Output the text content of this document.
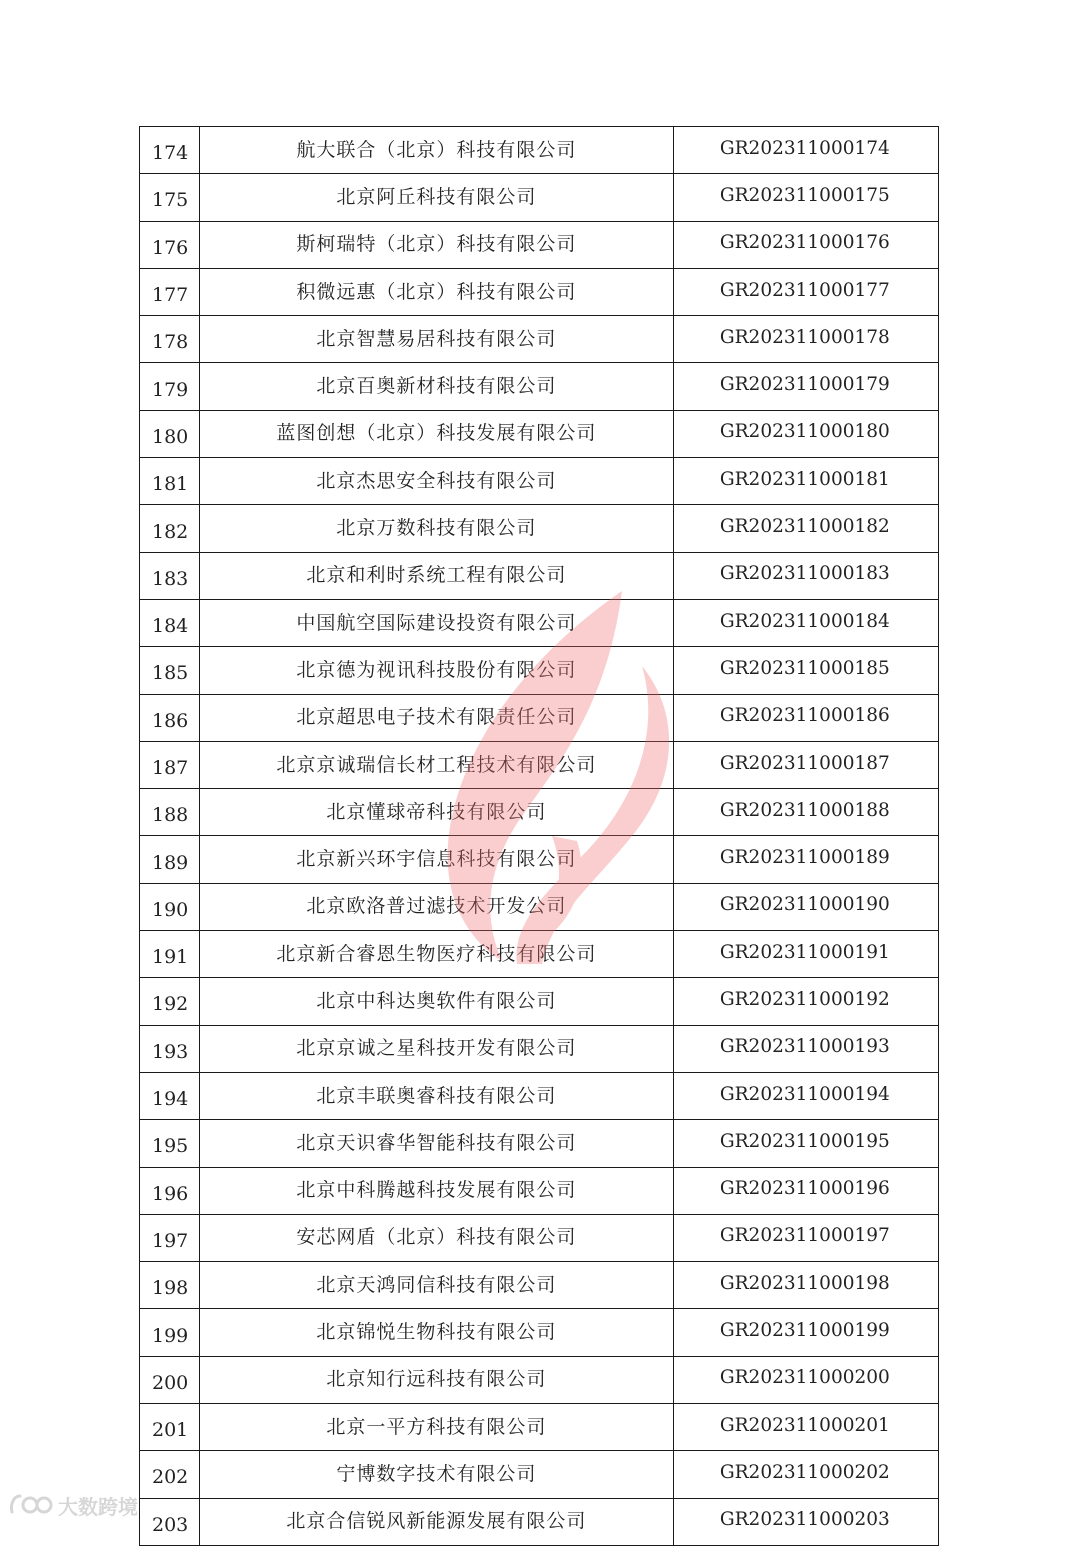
174	航大联合（北京）科技有限公司	GR202311000174
175	北京阿丘科技有限公司	GR202311000175
176	斯柯瑞特（北京）科技有限公司	GR202311000176
177	积微远惠（北京）科技有限公司	GR202311000177
178	北京智慧易居科技有限公司	GR202311000178
179	北京百奥新材科技有限公司	GR202311000179
180	蓝图创想（北京）科技发展有限公司	GR202311000180
181	北京杰思安全科技有限公司	GR202311000181
182	北京万数科技有限公司	GR202311000182
183	北京和利时系统工程有限公司	GR202311000183
184	中国航空国际建设投资有限公司	GR202311000184
185	北京德为视讯科技股份有限公司	GR202311000185
186	北京超思电子技术有限责任公司	GR202311000186
187	北京京诚瑞信长材工程技术有限公司	GR202311000187
188	北京懂球帝科技有限公司	GR202311000188
189	北京新兴环宇信息科技有限公司	GR202311000189
190	北京欧洛普过滤技术开发公司	GR202311000190
191	北京新合睿恩生物医疗科技有限公司	GR202311000191
192	北京中科达奥软件有限公司	GR202311000192
193	北京京诚之星科技开发有限公司	GR202311000193
194	北京丰联奥睿科技有限公司	GR202311000194
195	北京天识睿华智能科技有限公司	GR202311000195
196	北京中科腾越科技发展有限公司	GR202311000196
197	安芯网盾（北京）科技有限公司	GR202311000197
198	北京天鸿同信科技有限公司	GR202311000198
199	北京锦悦生物科技有限公司	GR202311000199
200	北京知行远科技有限公司	GR202311000200
201	北京一平方科技有限公司	GR202311000201
202	宁博数字技术有限公司	GR202311000202
203	北京合信锐风新能源发展有限公司	GR202311000203
大数跨境
